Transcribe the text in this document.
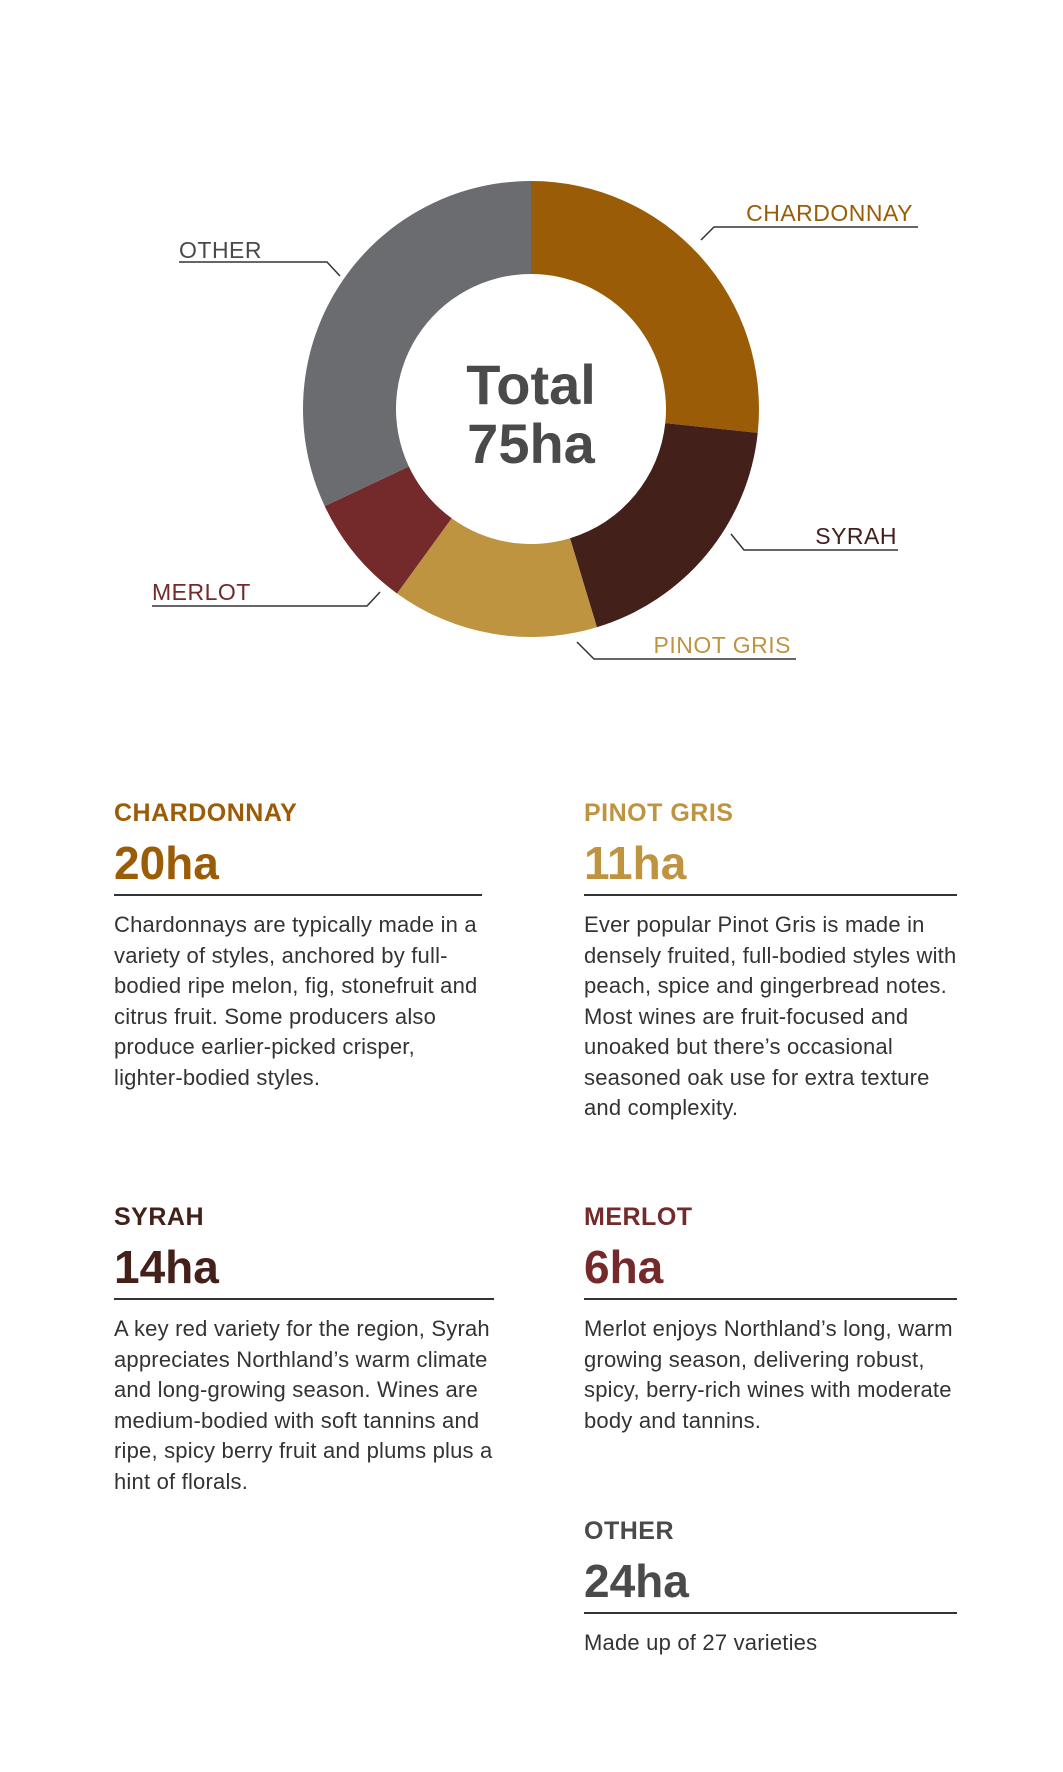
Total
75ha
CHARDONNAY
SYRAH
PINOT GRIS
MERLOT
OTHER
CHARDONNAY
20ha
Chardonnays are typically made in a variety of styles, anchored by full-bodied ripe melon, fig, stonefruit and citrus fruit. Some producers also produce earlier-picked crisper, lighter-bodied styles.
PINOT GRIS
11ha
Ever popular Pinot Gris is made in densely fruited, full-bodied styles with peach, spice and gingerbread notes. Most wines are fruit-focused and unoaked but there’s occasional seasoned oak use for extra texture and complexity.
SYRAH
14ha
A key red variety for the region, Syrah appreciates Northland’s warm climate and long-growing season. Wines are medium-bodied with soft tannins and ripe, spicy berry fruit and plums plus a hint of florals.
MERLOT
6ha
Merlot enjoys Northland’s long, warm growing season, delivering robust, spicy, berry-rich wines with moderate body and tannins.
OTHER
24ha
Made up of 27 varieties
